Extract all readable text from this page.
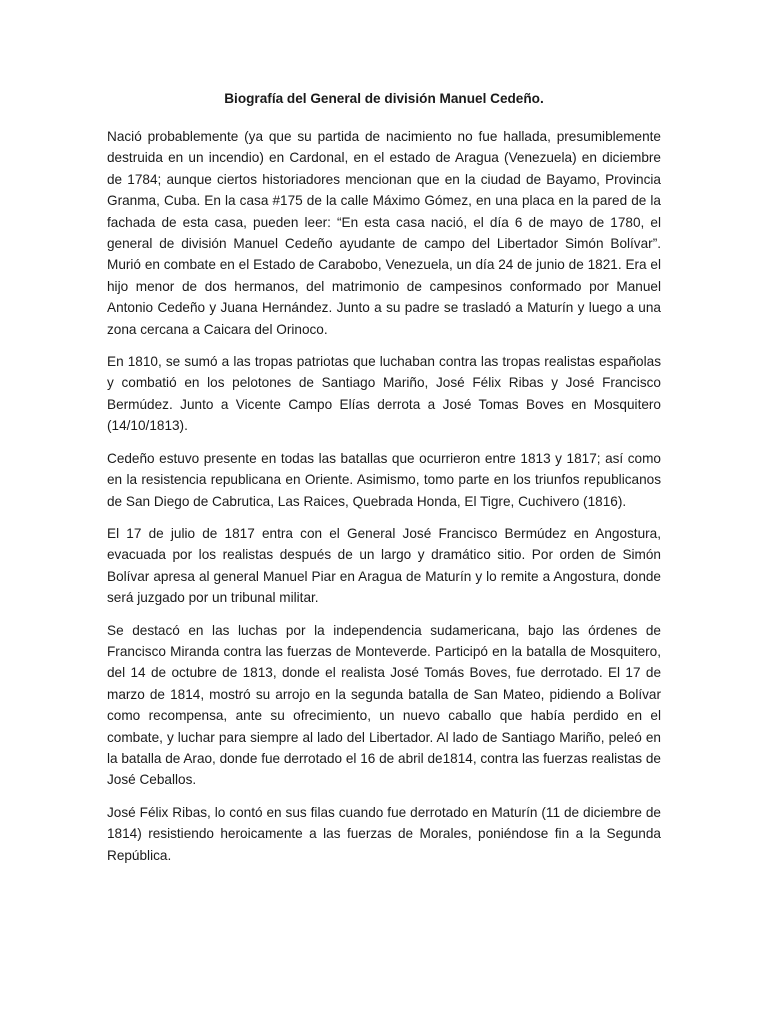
Biografía del General de división Manuel Cedeño.

Nació probablemente (ya que su partida de nacimiento no fue hallada, presumiblemente destruida en un incendio) en Cardonal, en el estado de Aragua (Venezuela) en diciembre de 1784; aunque ciertos historiadores mencionan que en la ciudad de Bayamo, Provincia Granma, Cuba. En la casa #175 de la calle Máximo Gómez, en una placa en la pared de la fachada de esta casa, pueden leer: “En esta casa nació, el día 6 de mayo de 1780, el general de división Manuel Cedeño ayudante de campo del Libertador Simón Bolívar”. Murió en combate en el Estado de Carabobo, Venezuela, un día 24 de junio de 1821. Era el hijo menor de dos hermanos, del matrimonio de campesinos conformado por Manuel Antonio Cedeño y Juana Hernández. Junto a su padre se trasladó a Maturín y luego a una zona cercana a Caicara del Orinoco.

En 1810, se sumó a las tropas patriotas que luchaban contra las tropas realistas españolas y combatió en los pelotones de Santiago Mariño, José Félix Ribas y José Francisco Bermúdez. Junto a Vicente Campo Elías derrota a José Tomas Boves en Mosquitero (14/10/1813).

Cedeño estuvo presente en todas las batallas que ocurrieron entre 1813 y 1817; así como en la resistencia republicana en Oriente. Asimismo, tomo parte en los triunfos republicanos de San Diego de Cabrutica, Las Raices, Quebrada Honda, El Tigre, Cuchivero (1816).

El 17 de julio de 1817 entra con el General José Francisco Bermúdez en Angostura, evacuada por los realistas después de un largo y dramático sitio. Por orden de Simón Bolívar apresa al general Manuel Piar en Aragua de Maturín y lo remite a Angostura, donde será juzgado por un tribunal militar.

Se destacó en las luchas por la independencia sudamericana, bajo las órdenes de Francisco Miranda contra las fuerzas de Monteverde. Participó en la batalla de Mosquitero, del 14 de octubre de 1813, donde el realista José Tomás Boves, fue derrotado. El 17 de marzo de 1814, mostró su arrojo en la segunda batalla de San Mateo, pidiendo a Bolívar como recompensa, ante su ofrecimiento, un nuevo caballo que había perdido en el combate, y luchar para siempre al lado del Libertador. Al lado de Santiago Mariño, peleó en la batalla de Arao, donde fue derrotado el 16 de abril de1814, contra las fuerzas realistas de José Ceballos.

José Félix Ribas, lo contó en sus filas cuando fue derrotado en Maturín (11 de diciembre de 1814) resistiendo heroicamente a las fuerzas de Morales, poniéndose fin a la Segunda República.
